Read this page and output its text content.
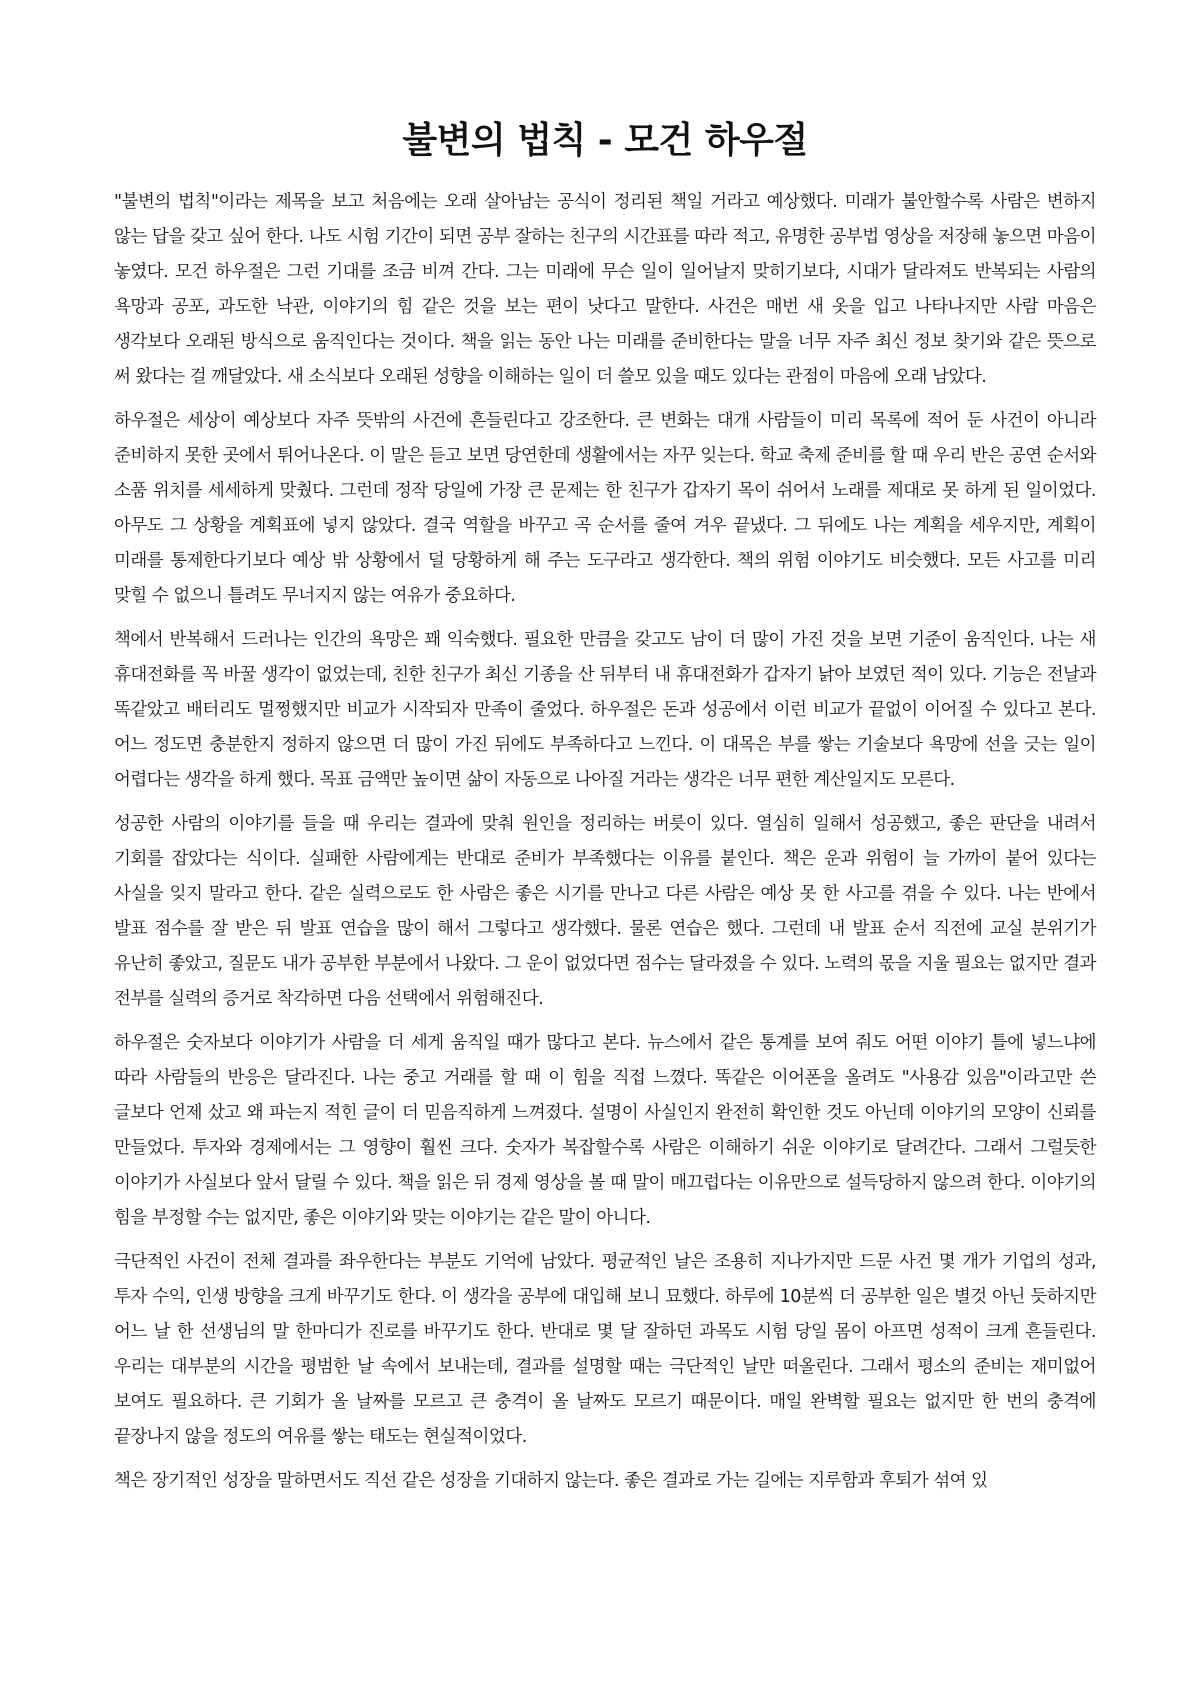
불변의 법칙 - 모건 하우절

"불변의 법칙"이라는 제목을 보고 처음에는 오래 살아남는 공식이 정리된 책일 거라고 예상했다. 미래가 불안할수록 사람은 변하지 않는 답을 갖고 싶어 한다. 나도 시험 기간이 되면 공부 잘하는 친구의 시간표를 따라 적고, 유명한 공부법 영상을 저장해 놓으면 마음이 놓였다. 모건 하우절은 그런 기대를 조금 비껴 간다. 그는 미래에 무슨 일이 일어날지 맞히기보다, 시대가 달라져도 반복되는 사람의 욕망과 공포, 과도한 낙관, 이야기의 힘 같은 것을 보는 편이 낫다고 말한다. 사건은 매번 새 옷을 입고 나타나지만 사람 마음은 생각보다 오래된 방식으로 움직인다는 것이다. 책을 읽는 동안 나는 미래를 준비한다는 말을 너무 자주 최신 정보 찾기와 같은 뜻으로 써 왔다는 걸 깨달았다. 새 소식보다 오래된 성향을 이해하는 일이 더 쓸모 있을 때도 있다는 관점이 마음에 오래 남았다.

하우절은 세상이 예상보다 자주 뜻밖의 사건에 흔들린다고 강조한다. 큰 변화는 대개 사람들이 미리 목록에 적어 둔 사건이 아니라 준비하지 못한 곳에서 튀어나온다. 이 말은 듣고 보면 당연한데 생활에서는 자꾸 잊는다. 학교 축제 준비를 할 때 우리 반은 공연 순서와 소품 위치를 세세하게 맞췄다. 그런데 정작 당일에 가장 큰 문제는 한 친구가 갑자기 목이 쉬어서 노래를 제대로 못 하게 된 일이었다. 아무도 그 상황을 계획표에 넣지 않았다. 결국 역할을 바꾸고 곡 순서를 줄여 겨우 끝냈다. 그 뒤에도 나는 계획을 세우지만, 계획이 미래를 통제한다기보다 예상 밖 상황에서 덜 당황하게 해 주는 도구라고 생각한다. 책의 위험 이야기도 비슷했다. 모든 사고를 미리 맞힐 수 없으니 틀려도 무너지지 않는 여유가 중요하다.

책에서 반복해서 드러나는 인간의 욕망은 꽤 익숙했다. 필요한 만큼을 갖고도 남이 더 많이 가진 것을 보면 기준이 움직인다. 나는 새 휴대전화를 꼭 바꿀 생각이 없었는데, 친한 친구가 최신 기종을 산 뒤부터 내 휴대전화가 갑자기 낡아 보였던 적이 있다. 기능은 전날과 똑같았고 배터리도 멀쩡했지만 비교가 시작되자 만족이 줄었다. 하우절은 돈과 성공에서 이런 비교가 끝없이 이어질 수 있다고 본다. 어느 정도면 충분한지 정하지 않으면 더 많이 가진 뒤에도 부족하다고 느낀다. 이 대목은 부를 쌓는 기술보다 욕망에 선을 긋는 일이 어렵다는 생각을 하게 했다. 목표 금액만 높이면 삶이 자동으로 나아질 거라는 생각은 너무 편한 계산일지도 모른다.

성공한 사람의 이야기를 들을 때 우리는 결과에 맞춰 원인을 정리하는 버릇이 있다. 열심히 일해서 성공했고, 좋은 판단을 내려서 기회를 잡았다는 식이다. 실패한 사람에게는 반대로 준비가 부족했다는 이유를 붙인다. 책은 운과 위험이 늘 가까이 붙어 있다는 사실을 잊지 말라고 한다. 같은 실력으로도 한 사람은 좋은 시기를 만나고 다른 사람은 예상 못 한 사고를 겪을 수 있다. 나는 반에서 발표 점수를 잘 받은 뒤 발표 연습을 많이 해서 그렇다고 생각했다. 물론 연습은 했다. 그런데 내 발표 순서 직전에 교실 분위기가 유난히 좋았고, 질문도 내가 공부한 부분에서 나왔다. 그 운이 없었다면 점수는 달라졌을 수 있다. 노력의 몫을 지울 필요는 없지만 결과 전부를 실력의 증거로 착각하면 다음 선택에서 위험해진다.

하우절은 숫자보다 이야기가 사람을 더 세게 움직일 때가 많다고 본다. 뉴스에서 같은 통계를 보여 줘도 어떤 이야기 틀에 넣느냐에 따라 사람들의 반응은 달라진다. 나는 중고 거래를 할 때 이 힘을 직접 느꼈다. 똑같은 이어폰을 올려도 "사용감 있음"이라고만 쓴 글보다 언제 샀고 왜 파는지 적힌 글이 더 믿음직하게 느껴졌다. 설명이 사실인지 완전히 확인한 것도 아닌데 이야기의 모양이 신뢰를 만들었다. 투자와 경제에서는 그 영향이 훨씬 크다. 숫자가 복잡할수록 사람은 이해하기 쉬운 이야기로 달려간다. 그래서 그럴듯한 이야기가 사실보다 앞서 달릴 수 있다. 책을 읽은 뒤 경제 영상을 볼 때 말이 매끄럽다는 이유만으로 설득당하지 않으려 한다. 이야기의 힘을 부정할 수는 없지만, 좋은 이야기와 맞는 이야기는 같은 말이 아니다.

극단적인 사건이 전체 결과를 좌우한다는 부분도 기억에 남았다. 평균적인 날은 조용히 지나가지만 드문 사건 몇 개가 기업의 성과, 투자 수익, 인생 방향을 크게 바꾸기도 한다. 이 생각을 공부에 대입해 보니 묘했다. 하루에 10분씩 더 공부한 일은 별것 아닌 듯하지만 어느 날 한 선생님의 말 한마디가 진로를 바꾸기도 한다. 반대로 몇 달 잘하던 과목도 시험 당일 몸이 아프면 성적이 크게 흔들린다. 우리는 대부분의 시간을 평범한 날 속에서 보내는데, 결과를 설명할 때는 극단적인 날만 떠올린다. 그래서 평소의 준비는 재미없어 보여도 필요하다. 큰 기회가 올 날짜를 모르고 큰 충격이 올 날짜도 모르기 때문이다. 매일 완벽할 필요는 없지만 한 번의 충격에 끝장나지 않을 정도의 여유를 쌓는 태도는 현실적이었다.

책은 장기적인 성장을 말하면서도 직선 같은 성장을 기대하지 않는다. 좋은 결과로 가는 길에는 지루함과 후퇴가 섞여 있
